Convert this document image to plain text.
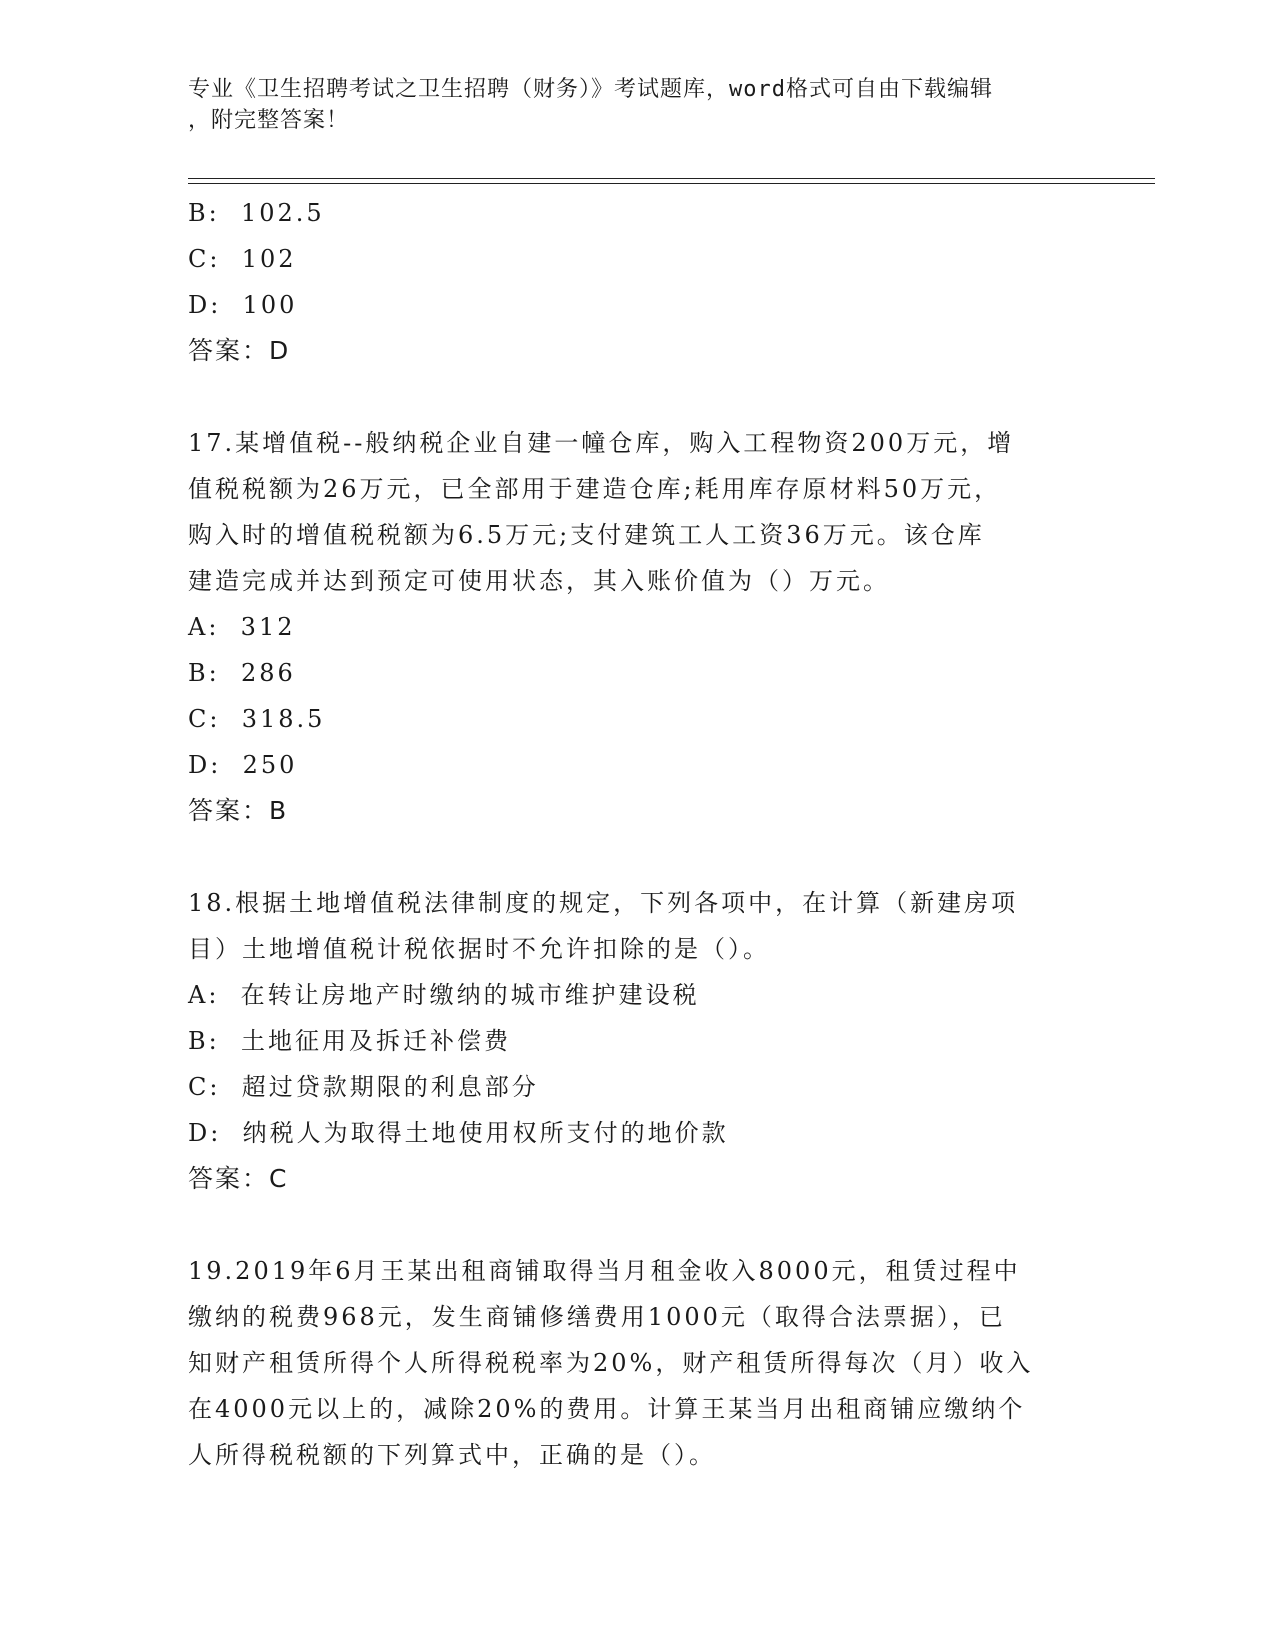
专业《卫生招聘考试之卫生招聘（财务）》考试题库，word格式可自由下载编辑
，附完整答案！
B:  102.5
C:  102
D:  100
答案：D
17.某增值税--般纳税企业自建一幢仓库，购入工程物资200万元，增
值税税额为26万元，已全部用于建造仓库;耗用库存原材料50万元，
购入时的增值税税额为6.5万元;支付建筑工人工资36万元。该仓库
建造完成并达到预定可使用状态，其入账价值为（）万元。
A:  312
B:  286
C:  318.5
D:  250
答案：B
18.根据土地增值税法律制度的规定，下列各项中，在计算（新建房项
目）土地增值税计税依据时不允许扣除的是（）。
A:  在转让房地产时缴纳的城市维护建设税
B:  土地征用及拆迁补偿费
C:  超过贷款期限的利息部分
D:  纳税人为取得土地使用权所支付的地价款
答案：C
19.2019年6月王某出租商铺取得当月租金收入8000元，租赁过程中
缴纳的税费968元，发生商铺修缮费用1000元（取得合法票据），已
知财产租赁所得个人所得税税率为20%，财产租赁所得每次（月）收入
在4000元以上的，减除20%的费用。计算王某当月出租商铺应缴纳个
人所得税税额的下列算式中，正确的是（）。
